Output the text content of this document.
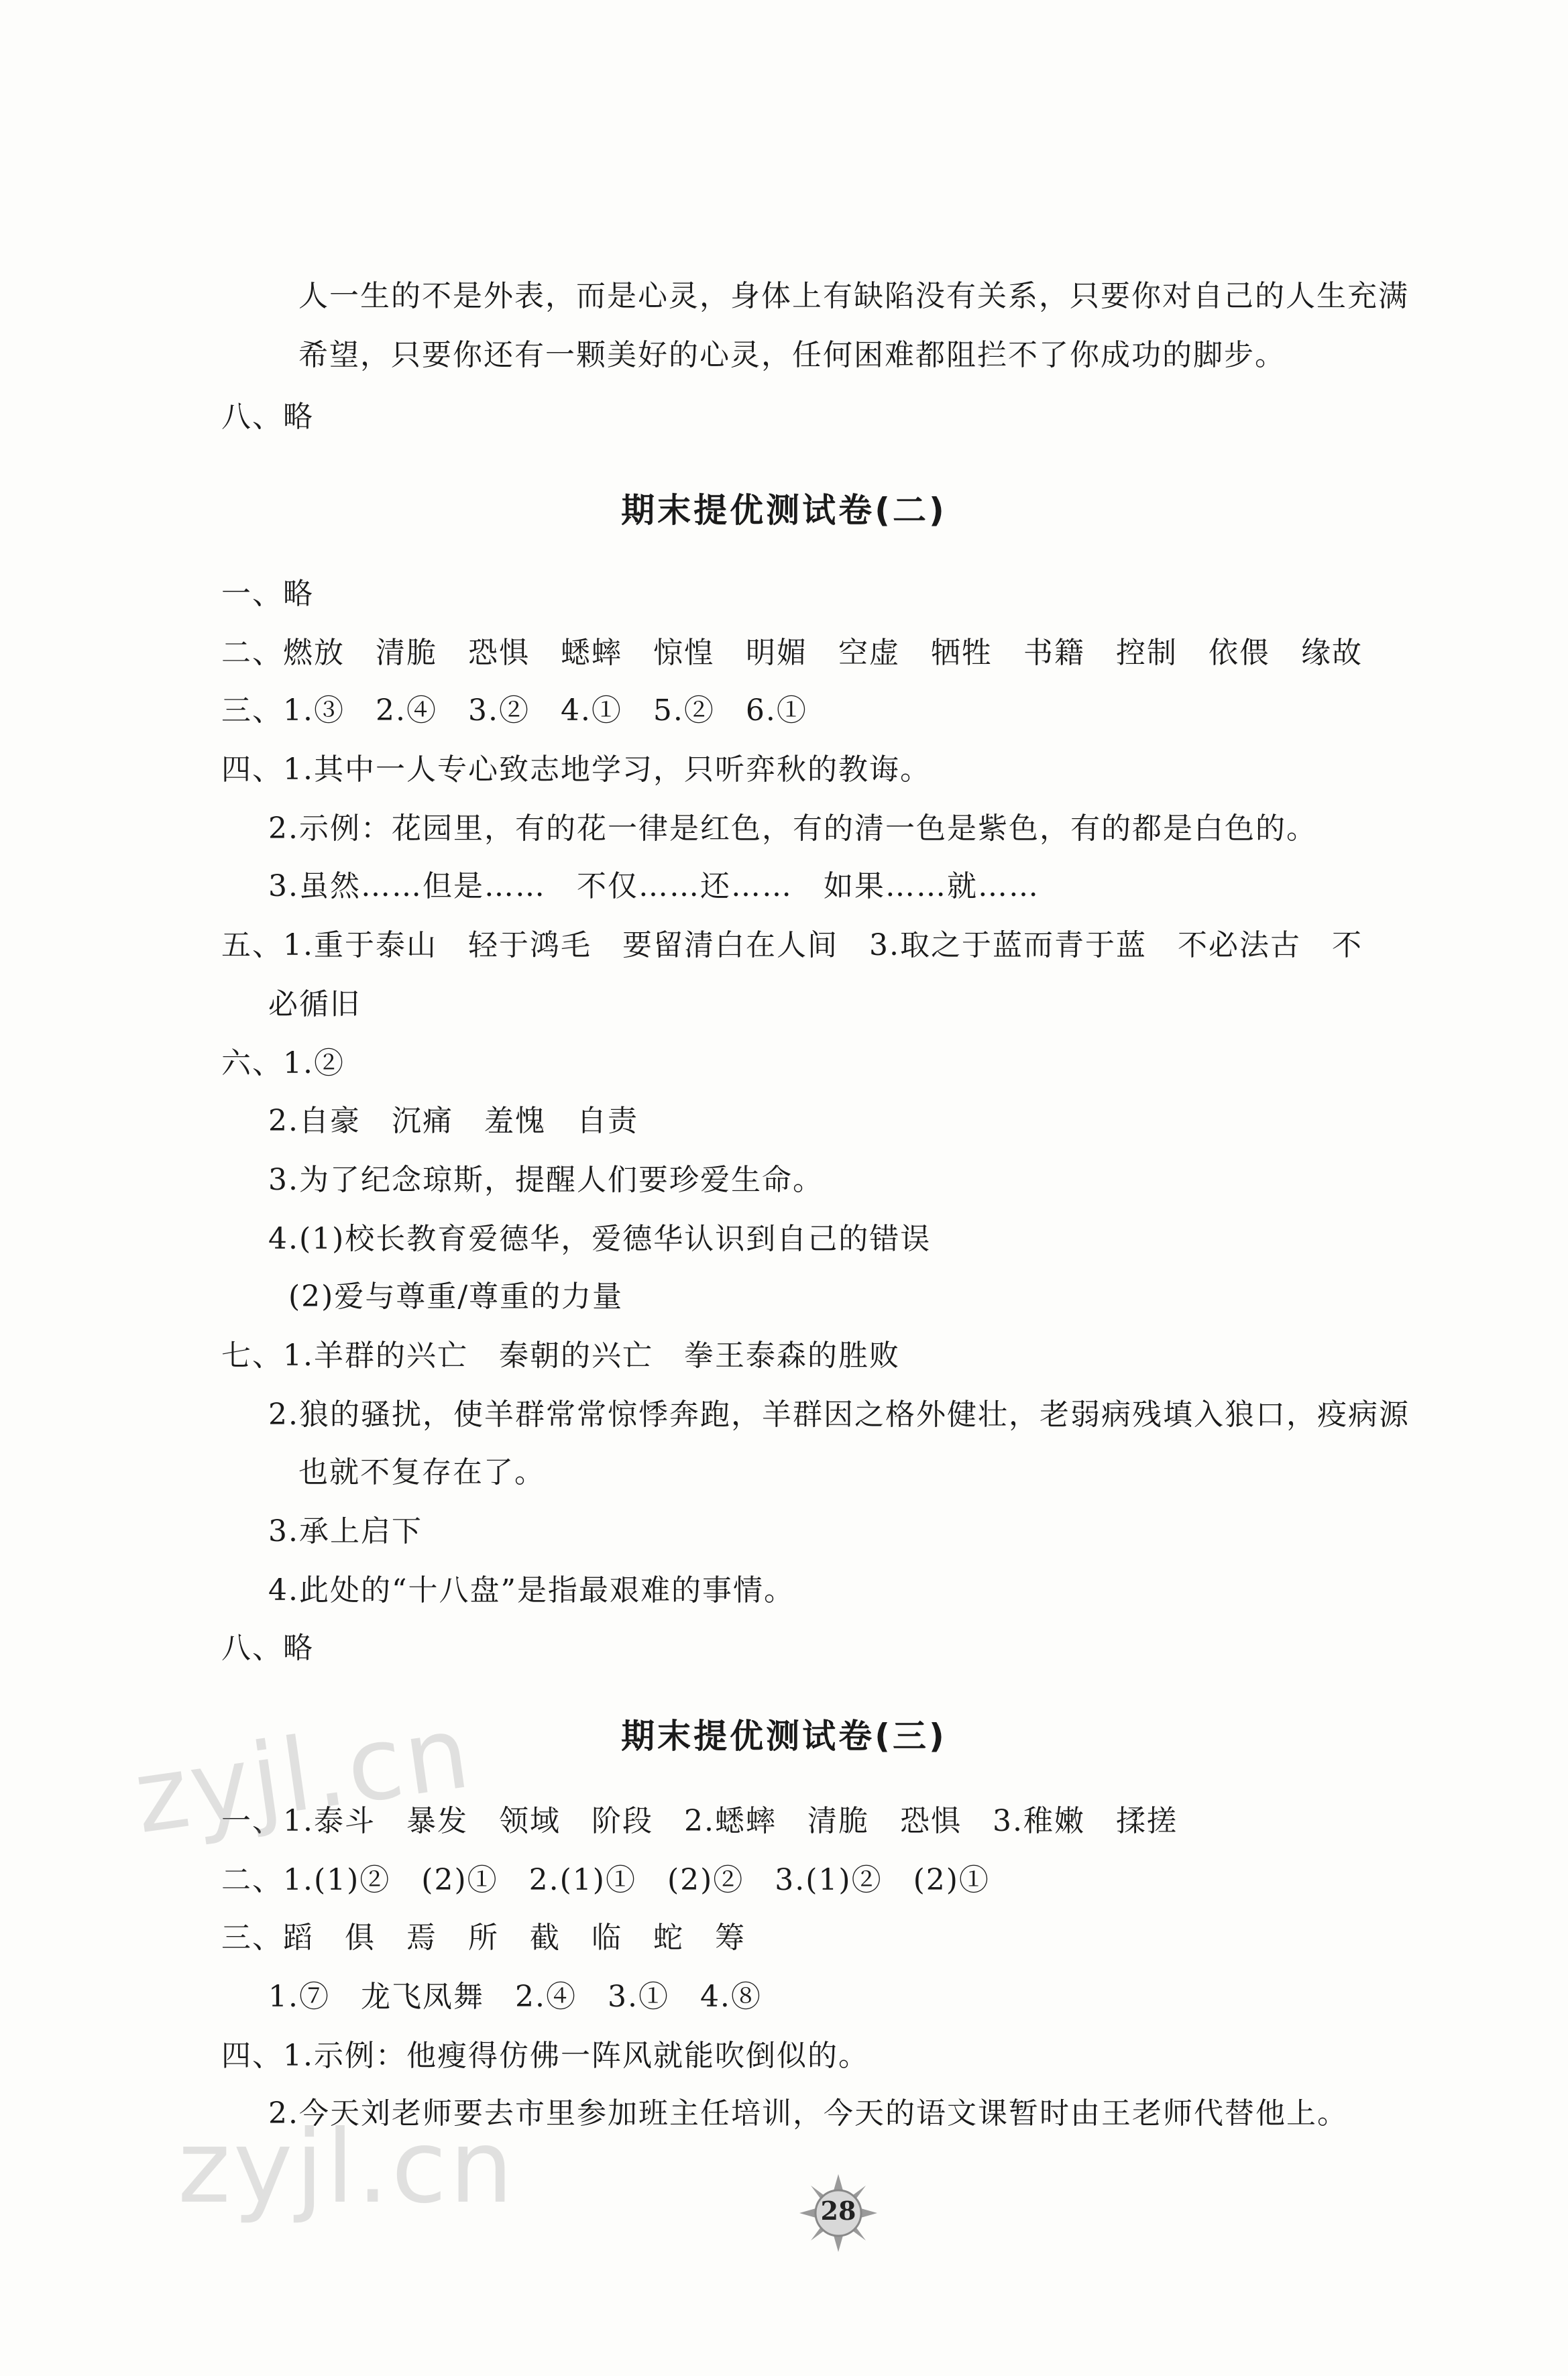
人一生的不是外表，而是心灵，身体上有缺陷没有关系，只要你对自己的人生充满
希望，只要你还有一颗美好的心灵，任何困难都阻拦不了你成功的脚步。
八、略
期末提优测试卷(二)
一、略
二、燃放　清脆　恐惧　蟋蟀　惊惶　明媚　空虚　牺牲　书籍　控制　依偎　缘故
三、1.③　2.④　3.②　4.①　5.②　6.①
四、1.其中一人专心致志地学习，只听弈秋的教诲。
2.示例：花园里，有的花一律是红色，有的清一色是紫色，有的都是白色的。
3.虽然……但是……　不仅……还……　如果……就……
五、1.重于泰山　轻于鸿毛　要留清白在人间　3.取之于蓝而青于蓝　不必法古　不
必循旧
六、1.②
2.自豪　沉痛　羞愧　自责
3.为了纪念琼斯，提醒人们要珍爱生命。
4.(1)校长教育爱德华，爱德华认识到自己的错误
(2)爱与尊重/尊重的力量
七、1.羊群的兴亡　秦朝的兴亡　拳王泰森的胜败
2.狼的骚扰，使羊群常常惊悸奔跑，羊群因之格外健壮，老弱病残填入狼口，疫病源
也就不复存在了。
3.承上启下
4.此处的“十八盘”是指最艰难的事情。
八、略
期末提优测试卷(三)
一、1.泰斗　暴发　领域　阶段　2.蟋蟀　清脆　恐惧　3.稚嫩　揉搓
二、1.(1)②　(2)①　2.(1)①　(2)②　3.(1)②　(2)①
三、蹈　俱　焉　所　截　临　蛇　筹
1.⑦　龙飞凤舞　2.④　3.①　4.⑧
四、1.示例：他瘦得仿佛一阵风就能吹倒似的。
2.今天刘老师要去市里参加班主任培训，今天的语文课暂时由王老师代替他上。
zyjl.cn
zyjl.cn	28
